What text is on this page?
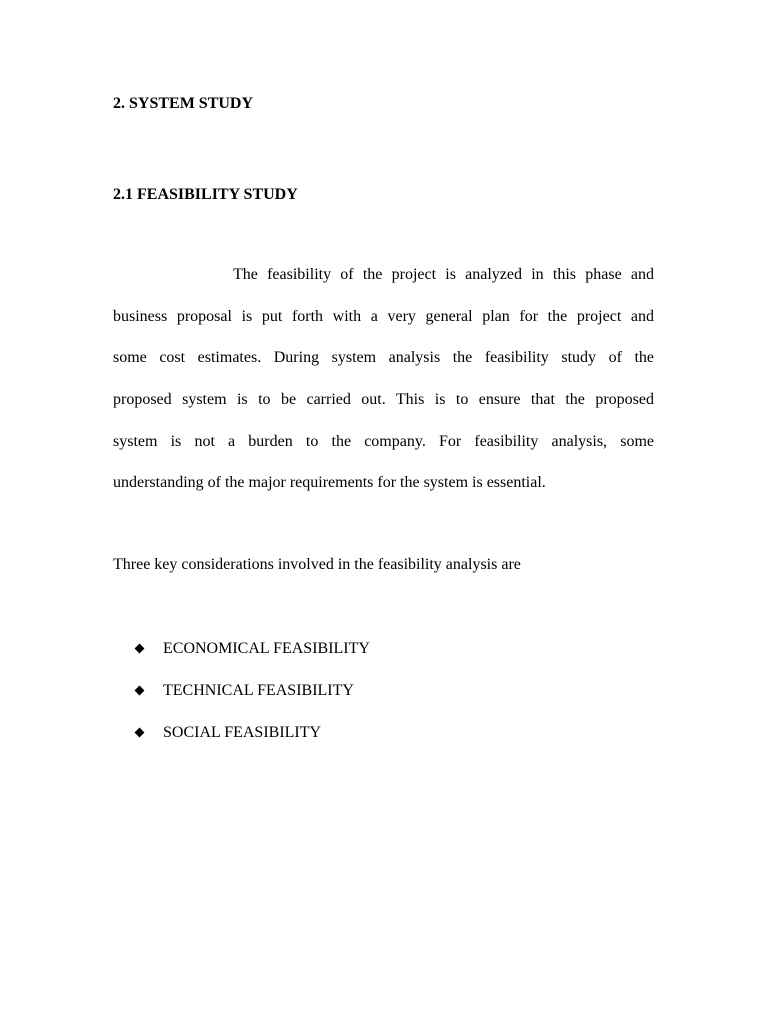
2. SYSTEM STUDY
2.1 FEASIBILITY STUDY
The feasibility of the project is analyzed in this phase and
business proposal is put forth with a very general plan for the project and
some cost estimates. During system analysis the feasibility study of the
proposed system is to be carried out. This is to ensure that the proposed
system is not a burden to the company. For feasibility analysis, some
understanding of the major requirements for the system is essential.
Three key considerations involved in the feasibility analysis are
ECONOMICAL FEASIBILITY
TECHNICAL FEASIBILITY
SOCIAL FEASIBILITY
